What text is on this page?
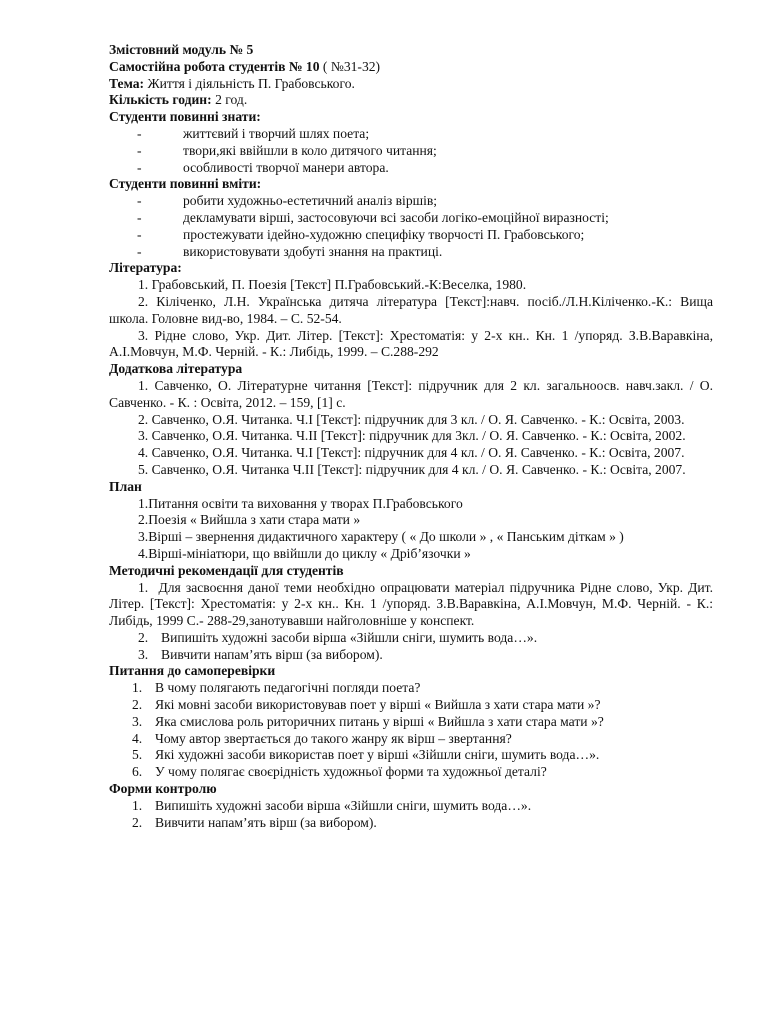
Змістовний модуль № 5
Самостійна робота студентів № 10 ( №31-32)
Тема: Життя і діяльність П. Грабовського.
Кількість годин: 2 год.
Студенти повинні знати:
-	життєвий і творчий шлях поета;
-	твори,які ввійшли в коло дитячого читання;
-	особливості творчої манери автора.
Студенти повинні вміти:
-	робити художньо-естетичний аналіз віршів;
-	декламувати вірші, застосовуючи всі засоби логіко-емоційної виразності;
-	простежувати ідейно-художню специфіку творчості П. Грабовського;
-	використовувати здобуті знання на практиці.
Література:
1. Грабовський, П. Поезія [Текст] П.Грабовський.-К:Веселка, 1980.
2. Кіліченко, Л.Н. Українська дитяча література [Текст]:навч. посіб./Л.Н.Кіліченко.-К.: Вища школа. Головне вид-во, 1984. – С. 52-54.
3. Рідне слово, Укр. Дит. Літер. [Текст]: Хрестоматія: у 2-х кн.. Кн. 1 /упоряд. З.В.Варавкіна, А.І.Мовчун, М.Ф. Черній. - К.: Либідь, 1999. – С.288-292
Додаткова література
1. Савченко, О. Літературне читання [Текст]: підручник для 2 кл. загальноосв. навч.закл. / О. Савченко. - К. : Освіта, 2012. – 159, [1] с.
2. Савченко, О.Я. Читанка. Ч.І [Текст]: підручник для 3 кл. / О. Я. Савченко. - К.: Освіта, 2003.
3. Савченко, О.Я. Читанка. Ч.ІІ [Текст]: підручник для 3кл. / О. Я. Савченко. - К.: Освіта, 2002.
4. Савченко, О.Я. Читанка. Ч.І [Текст]: підручник для 4 кл. / О. Я. Савченко. - К.: Освіта, 2007.
5. Савченко, О.Я. Читанка Ч.ІІ [Текст]: підручник для 4 кл. / О. Я. Савченко. - К.: Освіта, 2007.
План
1.Питання освіти та виховання у творах П.Грабовського
2.Поезія « Вийшла з хати стара мати »
3.Вірші – звернення дидактичного характеру ( « До школи » , « Панським діткам » )
4.Вірші-мініатюри, що ввійшли до циклу « Дріб’язочки »
Методичні рекомендації для студентів
1. Для засвоєння даної теми необхідно опрацювати матеріал підручника Рідне слово, Укр. Дит. Літер. [Текст]: Хрестоматія: у 2-х кн.. Кн. 1 /упоряд. З.В.Варавкіна, А.І.Мовчун, М.Ф. Черній. - К.: Либідь, 1999 С.- 288-29,занотувавши найголовніше у конспект.
2. Випишіть художні засоби вірша «Зійшли сніги, шумить вода…».
3. Вивчити напам’ять вірш (за вибором).
Питання до самоперевірки
1. В чому полягають педагогічні погляди поета?
2. Які мовні засоби використовував поет у вірші « Вийшла з хати стара мати »?
3. Яка смислова роль риторичних питань у вірші « Вийшла з хати стара мати »?
4. Чому автор звертається до такого жанру як вірш – звертання?
5. Які художні засоби використав поет у вірші «Зійшли сніги, шумить вода…».
6. У чому полягає своєрідність художньої форми та художньої деталі?
Форми контролю
1. Випишіть художні засоби вірша «Зійшли сніги, шумить вода…».
2. Вивчити напам’ять вірш (за вибором).
